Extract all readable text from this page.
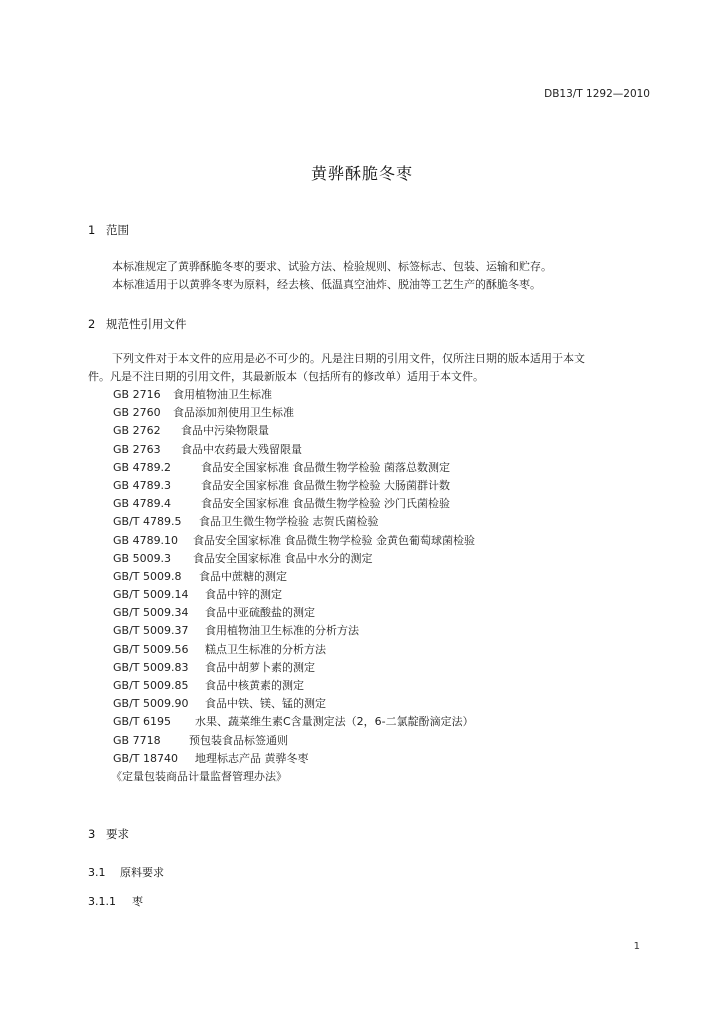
DB13/T 1292—2010
黄骅酥脆冬枣
1 范围
本标准规定了黄骅酥脆冬枣的要求、试验方法、检验规则、标签标志、包装、运输和贮存。
本标准适用于以黄骅冬枣为原料，经去核、低温真空油炸、脱油等工艺生产的酥脆冬枣。
2 规范性引用文件
下列文件对于本文件的应用是必不可少的。凡是注日期的引用文件，仅所注日期的版本适用于本文
件。凡是不注日期的引用文件，其最新版本（包括所有的修改单）适用于本文件。
GB 2716 食用植物油卫生标准
GB 2760 食品添加剂使用卫生标准
GB 2762 食品中污染物限量
GB 2763 食品中农药最大残留限量
GB 4789.2	食品安全国家标准 食品微生物学检验 菌落总数测定
GB 4789.3	食品安全国家标准 食品微生物学检验 大肠菌群计数
GB 4789.4	食品安全国家标准 食品微生物学检验 沙门氏菌检验
GB/T 4789.5 食品卫生微生物学检验 志贺氏菌检验
GB 4789.10 食品安全国家标准 食品微生物学检验 金黄色葡萄球菌检验
GB 5009.3 食品安全国家标准 食品中水分的测定
GB/T 5009.8 食品中蔗糖的测定
GB/T 5009.14 食品中锌的测定
GB/T 5009.34 食品中亚硫酸盐的测定
GB/T 5009.37 食用植物油卫生标准的分析方法
GB/T 5009.56 糕点卫生标准的分析方法
GB/T 5009.83 食品中胡萝卜素的测定
GB/T 5009.85 食品中核黄素的测定
GB/T 5009.90 食品中铁、镁、锰的测定
GB/T 6195 水果、蔬菜维生素C含量测定法（2，6-二氯靛酚滴定法）
GB 7718	预包装食品标签通则
GB/T 18740 地理标志产品 黄骅冬枣
《定量包装商品计量监督管理办法》
3 要求
3.1 原料要求
3.1.1 枣
1
